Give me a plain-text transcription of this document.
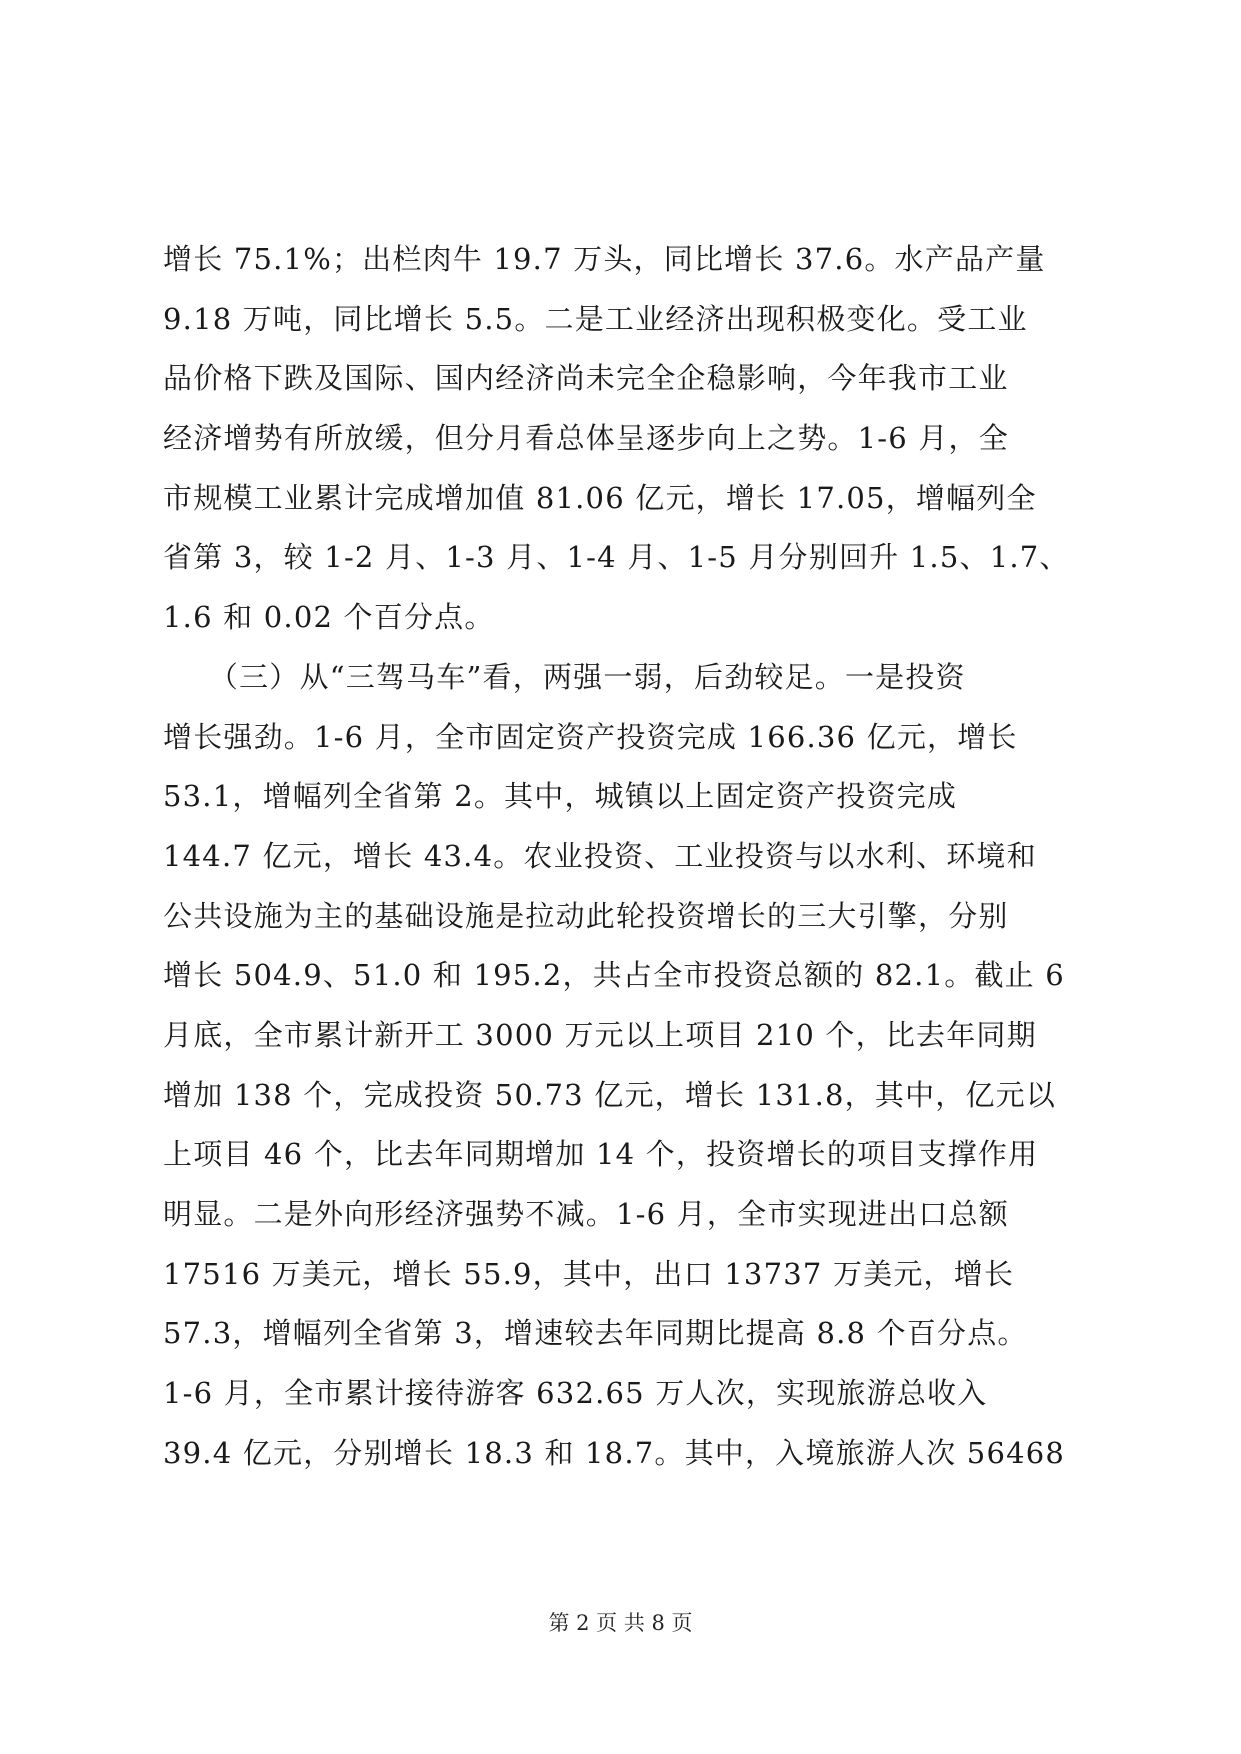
增长 75.1%；出栏肉牛 19.7 万头，同比增长 37.6。水产品产量
9.18 万吨，同比增长 5.5。二是工业经济出现积极变化。受工业
品价格下跌及国际、国内经济尚未完全企稳影响，今年我市工业
经济增势有所放缓，但分月看总体呈逐步向上之势。1-6 月，全
市规模工业累计完成增加值 81.06 亿元，增长 17.05，增幅列全
省第 3，较 1-2 月、1-3 月、1-4 月、1-5 月分别回升 1.5、1.7、
1.6 和 0.02 个百分点。
　　（三）从“三驾马车”看，两强一弱，后劲较足。一是投资
增长强劲。1-6 月，全市固定资产投资完成 166.36 亿元，增长
53.1，增幅列全省第 2。其中，城镇以上固定资产投资完成
144.7 亿元，增长 43.4。农业投资、工业投资与以水利、环境和
公共设施为主的基础设施是拉动此轮投资增长的三大引擎，分别
增长 504.9、51.0 和 195.2，共占全市投资总额的 82.1。截止 6
月底，全市累计新开工 3000 万元以上项目 210 个，比去年同期
增加 138 个，完成投资 50.73 亿元，增长 131.8，其中，亿元以
上项目 46 个，比去年同期增加 14 个，投资增长的项目支撑作用
明显。二是外向形经济强势不减。1-6 月，全市实现进出口总额
17516 万美元，增长 55.9，其中，出口 13737 万美元，增长
57.3，增幅列全省第 3，增速较去年同期比提高 8.8 个百分点。
1-6 月，全市累计接待游客 632.65 万人次，实现旅游总收入
39.4 亿元，分别增长 18.3 和 18.7。其中，入境旅游人次 56468
第 2 页 共 8 页
